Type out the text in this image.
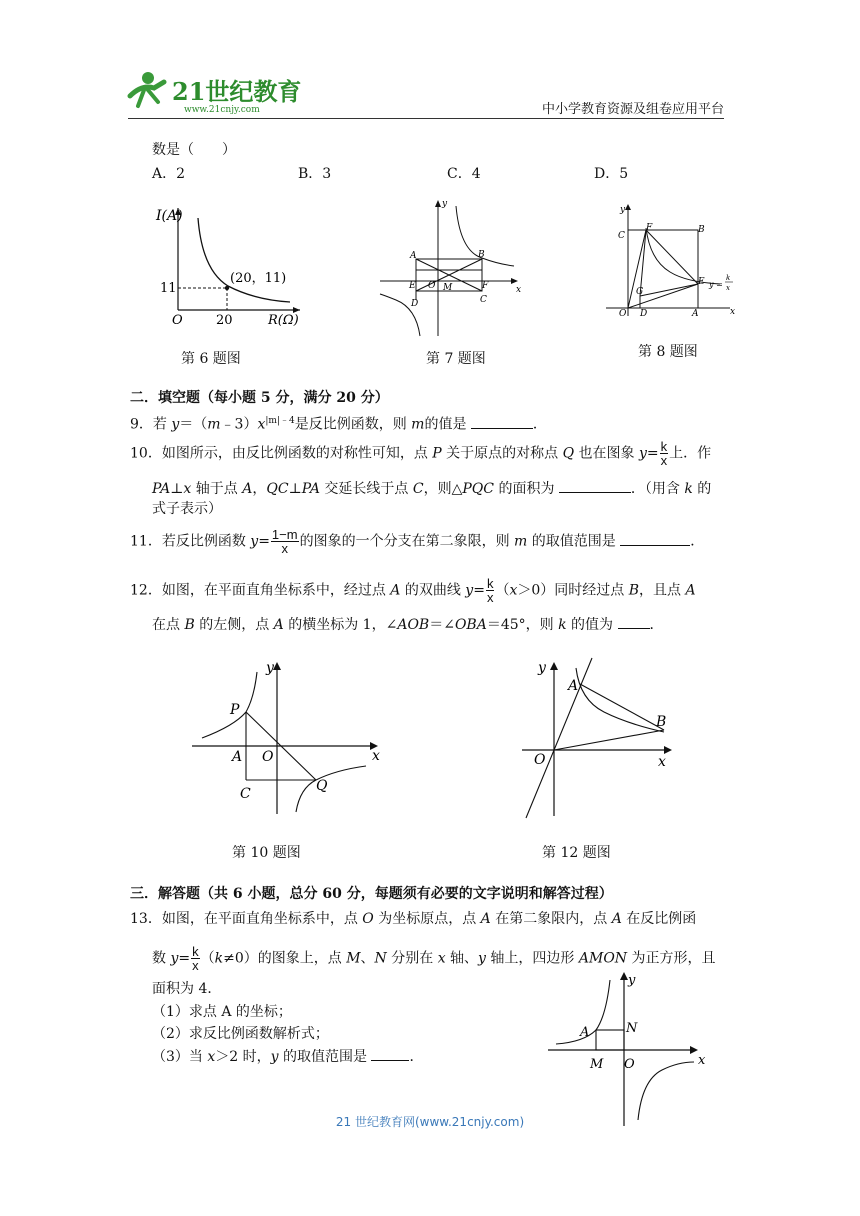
21世纪教育
www.21cnjy.com	中小学教育资源及组卷应用平台
数是（　　）
A．2	B．3	C．4	D．5
I(A)
(20，11)
11
20
O	R(Ω)
第 6 题图
A	B
E O M	F
D	C
x
y
第 7 题图
C
F	B
E
G
O D	A	x
y
y =
k
x
第 8 题图
二．填空题（每小题 5 分，满分 20 分）
9．若 $y=(m﹣3)x^{|m|﹣4}$是反比例函数，则 m的值是	．
10．如图所示，由反比例函数的对称性可知，点 P 关于原点的对称点 Q 也在图象 $y= \frac{k}{x}$ 上．作
PA⊥x 轴于点 A，QC⊥PA 交延长线于点 C，则△PQC 的面积为	．（用含 k 的
式子表示）
11．若反比例函数 $y= \frac{1-m}{x}$ 的图象的一个分支在第二象限，则 m 的取值范围是	．
12．如图，在平面直角坐标系中，经过点 A 的双曲线 $y= \frac{k}{x} (x>0)$同时经过点 B，且点 A
在点 B 的左侧，点 A 的横坐标为 1，∠AOB＝∠OBA＝45°，则 k 的值为 ．
P
A O
C	Q
x
y
第 10 题图
A
B
O	x
y
第 12 题图
三．解答题（共 6 小题，总分 60 分，每题须有必要的文字说明和解答过程）
13．如图，在平面直角坐标系中，点 O 为坐标原点，点 A 在第二象限内，点 A 在反比例函
数 $y= \frac{k}{x} (k\ne 0)$的图象上，点 M、N 分别在 x 轴、y 轴上，四边形 AMON 为正方形，且
面积为 4．
（1）求点 A 的坐标；
（2）求反比例函数解析式；
（3）当 x＞2 时，y 的取值范围是	．
A	N
M O	x
y
21 世纪教育网(www.21cnjy.com)
